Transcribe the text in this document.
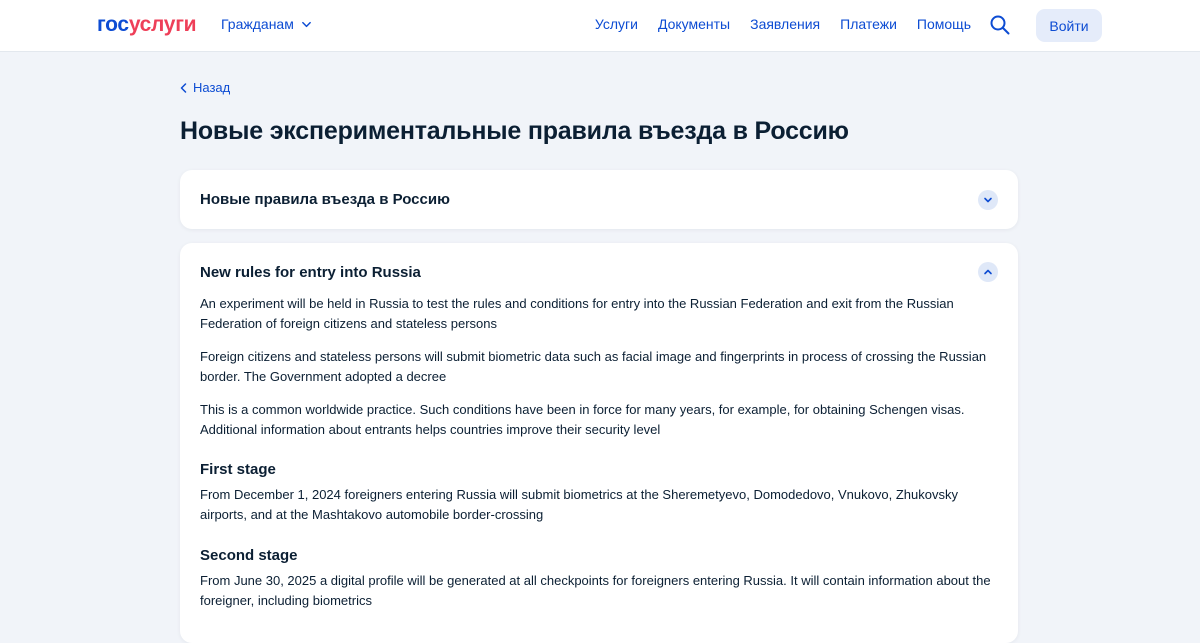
гос услуги Гражданам	Услуги Документы Заявления Платежи Помощь	Войти
Назад
Новые экспериментальные правила въезда в Россию
Новые правила въезда в Россию
New rules for entry into Russia

An experiment will be held in Russia to test the rules and conditions for entry into the Russian Federation and exit from the Russian Federation of foreign citizens and stateless persons

Foreign citizens and stateless persons will submit biometric data such as facial image and fingerprints in process of crossing the Russian border. The Government adopted a decree

This is a common worldwide practice. Such conditions have been in force for many years, for example, for obtaining Schengen visas. Additional information about entrants helps countries improve their security level

First stage

From December 1, 2024 foreigners entering Russia will submit biometrics at the Sheremetyevo, Domodedovo, Vnukovo, Zhukovsky airports, and at the Mashtakovo automobile border-crossing

Second stage

From June 30, 2025 a digital profile will be generated at all checkpoints for foreigners entering Russia. It will contain information about the foreigner, including biometrics
